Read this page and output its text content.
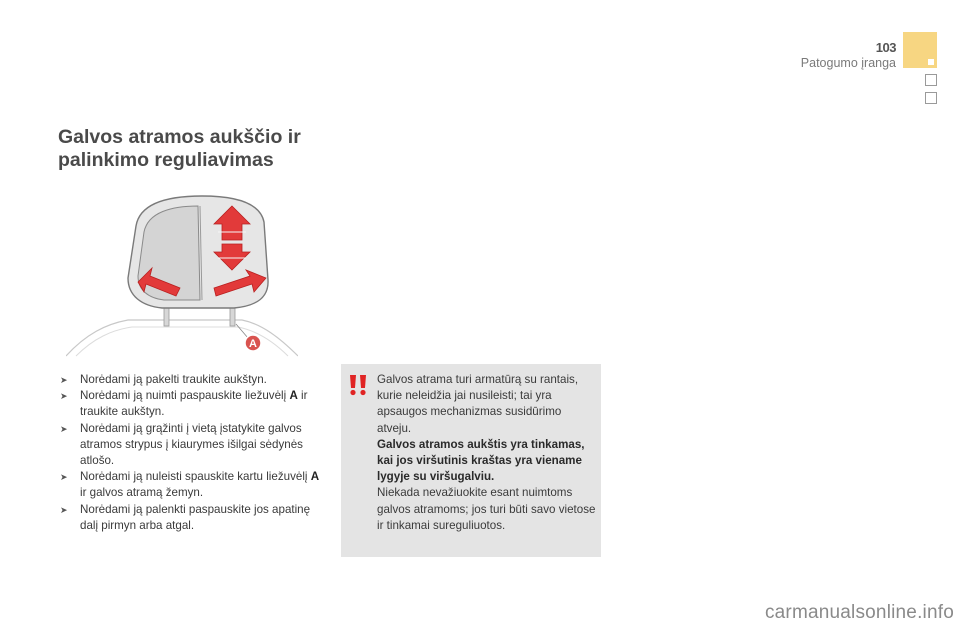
103
Patogumo įranga
Galvos atramos aukščio ir
palinkimo reguliavimas
A
➤ Norėdami ją pakelti traukite aukštyn.
➤ Norėdami ją nuimti paspauskite liežuvėlį A ir traukite aukštyn.
➤ Norėdami ją grąžinti į vietą įstatykite galvos atramos strypus į kiaurymes išilgai sėdynės atlošo.
➤ Norėdami ją nuleisti spauskite kartu liežuvėlį A ir galvos atramą žemyn.
➤ Norėdami ją palenkti paspauskite jos apatinę dalį pirmyn arba atgal.
Galvos atrama turi armatūrą su rantais, kurie neleidžia jai nusileisti; tai yra apsaugos mechanizmas susidūrimo atveju.
Galvos atramos aukštis yra tinkamas, kai jos viršutinis kraštas yra viename lygyje su viršugalviu.
Niekada nevažiuokite esant nuimtoms galvos atramoms; jos turi būti savo vietose ir tinkamai sureguliuotos.
carmanualsonline.info
